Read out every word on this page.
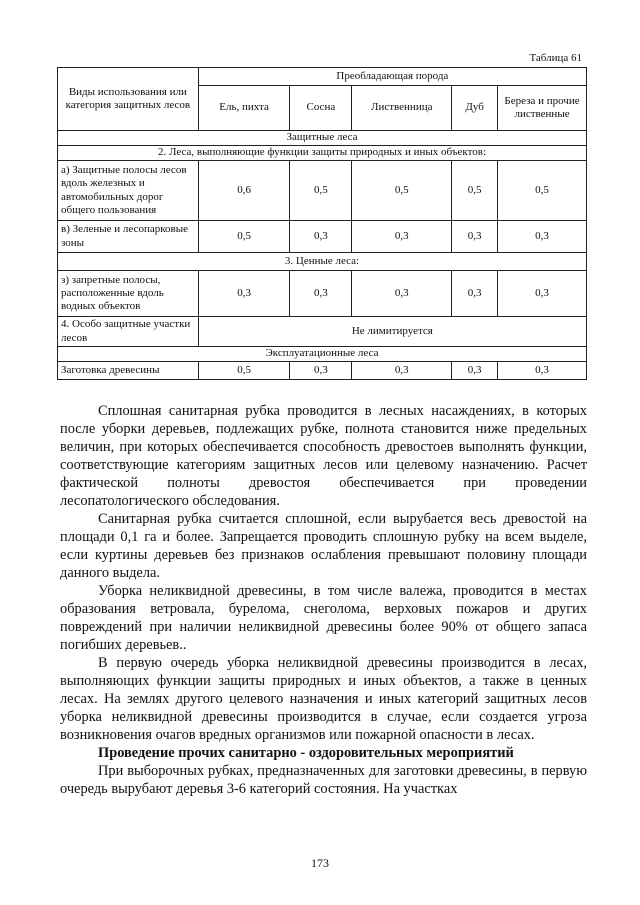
Таблица 61
Виды использования или категория защитных лесов	Преобладающая порода				
	Ель, пихта	Сосна	Лиственница	Дуб	Береза и прочие лиственные
Защитные леса					
2. Леса, выполняющие функции защиты природных и иных объектов:					
а) Защитные полосы лесов вдоль железных и автомобильных дорог общего пользования	0,6	0,5	0,5	0,5	0,5
в) Зеленые и лесопарковые зоны	0,5	0,3	0,3	0,3	0,3
3. Ценные леса:					
з) запретные полосы, расположенные вдоль водных объектов	0,3	0,3	0,3	0,3	0,3
4. Особо защитные участки лесов	Не лимитируется				
Эксплуатационные леса					
Заготовка древесины	0,5	0,3	0,3	0,3	0,3

Сплошная санитарная рубка проводится в лесных насаждениях, в которых после уборки деревьев, подлежащих рубке, полнота становится ниже предельных величин, при которых обеспечивается способность древостоев выполнять функции, соответствующие категориям защитных лесов или целевому назначению. Расчет фактической полноты древостоя обеспечивается при проведении лесопатологического обследования.

Санитарная рубка считается сплошной, если вырубается весь древостой на площади 0,1 га и более. Запрещается проводить сплошную рубку на всем выделе, если куртины деревьев без признаков ослабления превышают половину площади данного выдела.

Уборка неликвидной древесины, в том числе валежа, проводится в местах образования ветровала, бурелома, снеголома, верховых пожаров и других повреждений при наличии неликвидной древесины более 90% от общего запаса погибших деревьев..

В первую очередь уборка неликвидной древесины производится в лесах, выполняющих функции защиты природных и иных объектов, а также в ценных лесах. На землях другого целевого назначения и иных категорий защитных лесов уборка неликвидной древесины производится в случае, если создается угроза возникновения очагов вредных организмов или пожарной опасности в лесах.

Проведение прочих санитарно - оздоровительных мероприятий

При выборочных рубках, предназначенных для заготовки древесины, в первую очередь вырубают деревья 3-6 категорий состояния. На участках

173
